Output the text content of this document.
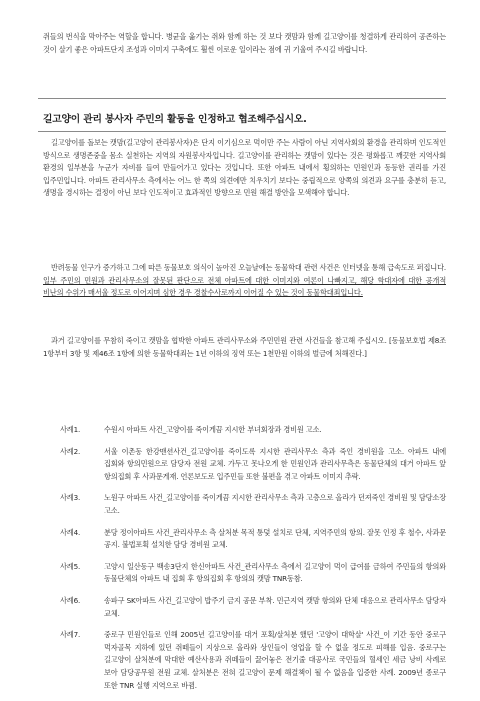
쥐들의 번식을 막아주는 역할을 합니다. 병균을 옮기는 쥐와 함께 하는 것 보다 캣맘과 함께 길고양이를 청결하게 관리하여 공존하는 것이 살기 좋은 아파트단지 조성과 이미지 구축에도 훨씬 이로운 일이라는 점에 귀 기울여 주시길 바랍니다.

길고양이 관리 봉사자 주민의 활동을 인정하고 협조해주십시오.

길고양이를 돌보는 캣맘(길고양이 관리봉사자)은 단지 이기심으로 먹이만 주는 사람이 아닌 지역사회의 환경을 관리하며 인도적인 방식으로 생명존중을 몸소 실천하는 지역의 자원봉사자입니다. 길고양이를 관리하는 캣맘이 있다는 것은 평화롭고 깨끗한 지역사회 환경의 일부분을 누군가 자비를 들여 만들어가고 있다는 것입니다. 또한 아파트 내에서 횡의하는 민원인과 동등한 권리를 가진 입주민입니다. 아파트 관리사무소 측에서는 어느 한 쪽의 의견에만 치우치기 보다는 중립적으로 양쪽의 의견과 요구를 충분히 듣고, 생명을 경시하는 결정이 아닌 보다 인도적이고 효과적인 방향으로 민원 해결 방안을 모색해야 합니다.

반려동물 인구가 증가하고 그에 따른 동물보호 의식이 높아진 오늘날에는 동물학대 관련 사건은 인터넷을 통해 급속도로 퍼집니다. 일부 주민의 민원과 관리사무소의 잘못된 판단으로 전체 아파트에 대한 이미지와 여론이 나빠지고, 해당 학대자에 대한 공개적 비난의 수위가 매서울 정도로 이어지며 심한 경우 경찰수사로까지 이어질 수 있는 것이 동물학대죄입니다.

과거 길고양이를 무참히 죽이고 캣맘을 협박한 아파트 관리사무소와 주민민원 관련 사건들을 참고해 주십시오. [동물보호법 제8조 1항부터 3항 및 제46조 1항에 의한 동물학대죄는 1년 이하의 징역 또는 1천만원 이하의 벌금에 처해진다.]

사례1.	수원시 아파트 사건_고양이를 죽이게끔 지시한 부녀회장과 경비원 고소.

사례2.	서울 이촌동 한강맨션사건_길고양이를 죽이도록 지시한 관리사무소 측과 죽인 경비원을 고소. 아파트 내에 집회와 항의민원으로 담당자 전원 교체. 가두고 못나오게 한 민원인과 관리사무측은 동물단체의 대거 아파트 앞 항의집회 후 사과문게재. 언론보도로 입주민들 또한 불편을 겪고 아파트 이미지 추락.

사례3.	노원구 아파트 사건_길고양이를 죽이게끔 지시한 관리사무소 측과 고층으로 올라가 던져죽인 경비원 및 담당소장 고소.

사례4.	분당 정이아파트 사건_관리사무소 측 살처분 목적 통덫 설치로 단체, 지역주민의 항의. 잘못 인정 후 철수, 사과문 공지. 불법포획 설치한 담당 경비원 교체.

사례5.	고양시 일산동구 백송3단지 한신아파트 사건_관리사무소 측에서 길고양이 먹이 급여를 금하여 주민들의 항의와 동물단체의 아파트 내 집회 후 항의집회 후 항의의 캣맘 TNR동참.

사례6.	송파구 SK아파트 사건_길고양이 밥주기 금지 공문 부착. 민근지역 캣맘 항의와 단체 대응으로 관리사무소 담당자 교체.

사례7.	중로구 민원인들로 인해 2005년 길고양이를 대거 포획/살처분 했던 '고양이 대학살' 사건_이 기간 동안 중로구 먹자골목 지하에 있던 쥐떼들이 지상으로 올라와 상인들이 영업을 할 수 없을 정도로 피해를 입음. 중로구는 길고양이 살처분에 막대한 예산사용과 쥐떼들이 끓어놓은 전기줄 대공사로 국민들의 혈세인 세금 낭비 사례로 보아 담당공무원 전원 교체. 살처분은 전혀 길고양이 문제 해결책이 될 수 없음을 입증한 사례. 2009년 종로구 또한 TNR 실행 지역으로 바뀜.
